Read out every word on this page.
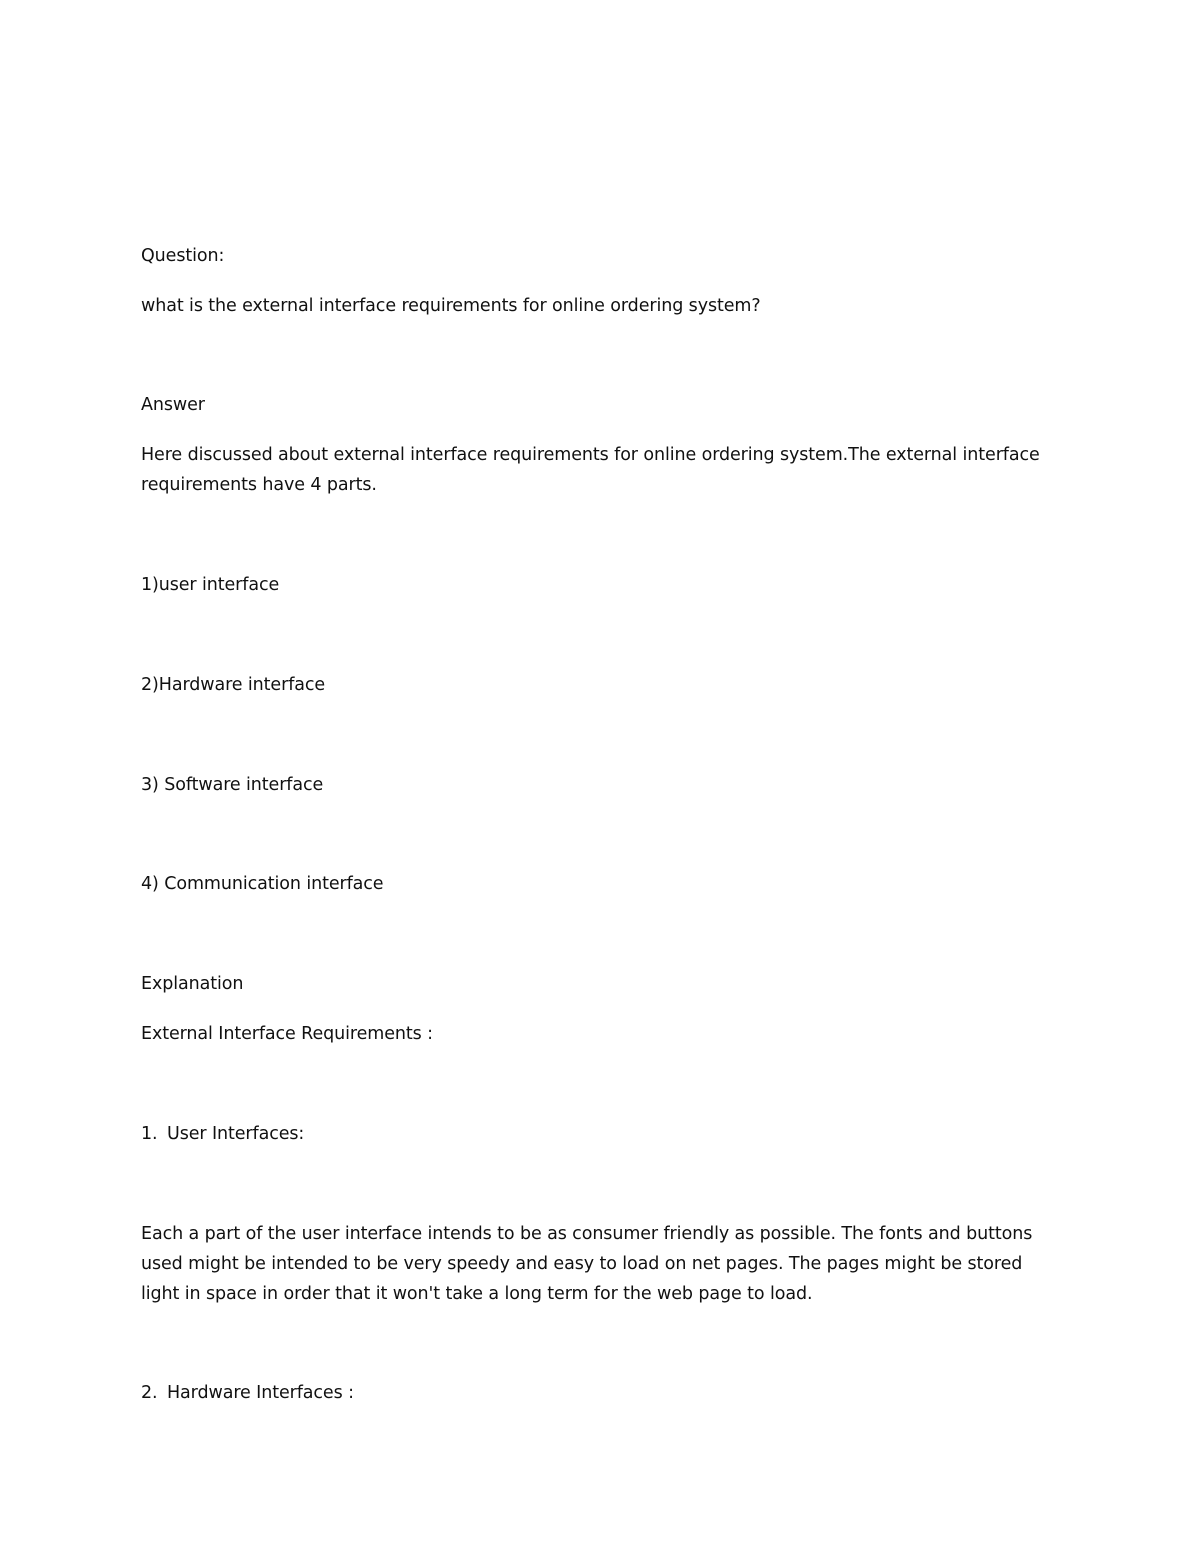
Question:
what is the external interface requirements for online ordering system?
Answer
Here discussed about external interface requirements for online ordering system.The external interface requirements have 4 parts.
1)user interface
2)Hardware interface
3) Software interface
4) Communication interface
Explanation
External Interface Requirements :
1. User Interfaces:
Each a part of the user interface intends to be as consumer friendly as possible. The fonts and buttons used might be intended to be very speedy and easy to load on net pages. The pages might be stored light in space in order that it won't take a long term for the web page to load.
2. Hardware Interfaces :
